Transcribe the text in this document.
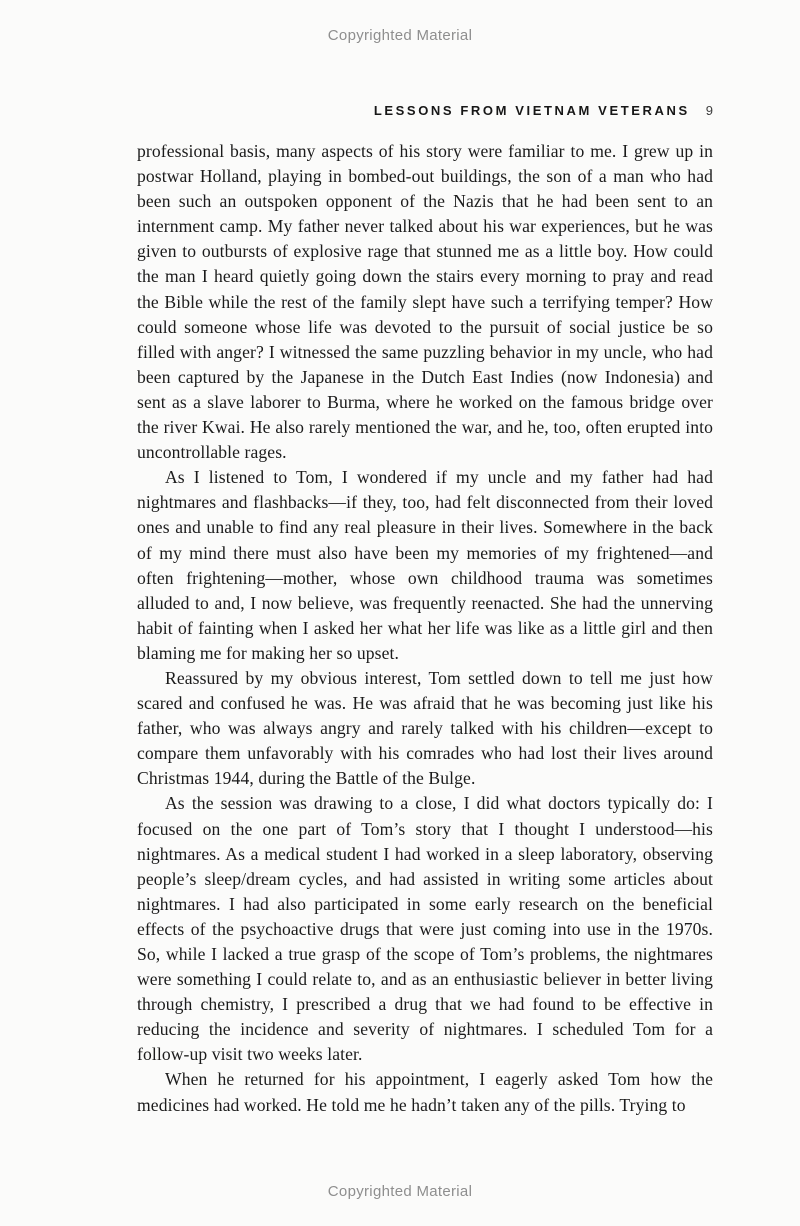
Copyrighted Material
LESSONS FROM VIETNAM VETERANS 9

professional basis, many aspects of his story were familiar to me. I grew up in postwar Holland, playing in bombed-out buildings, the son of a man who had been such an outspoken opponent of the Nazis that he had been sent to an internment camp. My father never talked about his war experiences, but he was given to outbursts of explosive rage that stunned me as a little boy. How could the man I heard quietly going down the stairs every morning to pray and read the Bible while the rest of the family slept have such a terrifying temper? How could someone whose life was devoted to the pursuit of social justice be so filled with anger? I witnessed the same puzzling behavior in my uncle, who had been captured by the Japanese in the Dutch East Indies (now Indonesia) and sent as a slave laborer to Burma, where he worked on the famous bridge over the river Kwai. He also rarely mentioned the war, and he, too, often erupted into uncontrollable rages.

As I listened to Tom, I wondered if my uncle and my father had had nightmares and flashbacks—if they, too, had felt disconnected from their loved ones and unable to find any real pleasure in their lives. Somewhere in the back of my mind there must also have been my memories of my frightened—and often frightening—mother, whose own childhood trauma was sometimes alluded to and, I now believe, was frequently reenacted. She had the unnerving habit of fainting when I asked her what her life was like as a little girl and then blaming me for making her so upset.

Reassured by my obvious interest, Tom settled down to tell me just how scared and confused he was. He was afraid that he was becoming just like his father, who was always angry and rarely talked with his children—except to compare them unfavorably with his comrades who had lost their lives around Christmas 1944, during the Battle of the Bulge.

As the session was drawing to a close, I did what doctors typically do: I focused on the one part of Tom’s story that I thought I understood—his nightmares. As a medical student I had worked in a sleep laboratory, observing people’s sleep/dream cycles, and had assisted in writing some articles about nightmares. I had also participated in some early research on the beneficial effects of the psychoactive drugs that were just coming into use in the 1970s. So, while I lacked a true grasp of the scope of Tom’s problems, the nightmares were something I could relate to, and as an enthusiastic believer in better living through chemistry, I prescribed a drug that we had found to be effective in reducing the incidence and severity of nightmares. I scheduled Tom for a follow-up visit two weeks later.

When he returned for his appointment, I eagerly asked Tom how the medicines had worked. He told me he hadn’t taken any of the pills. Trying to

Copyrighted Material
